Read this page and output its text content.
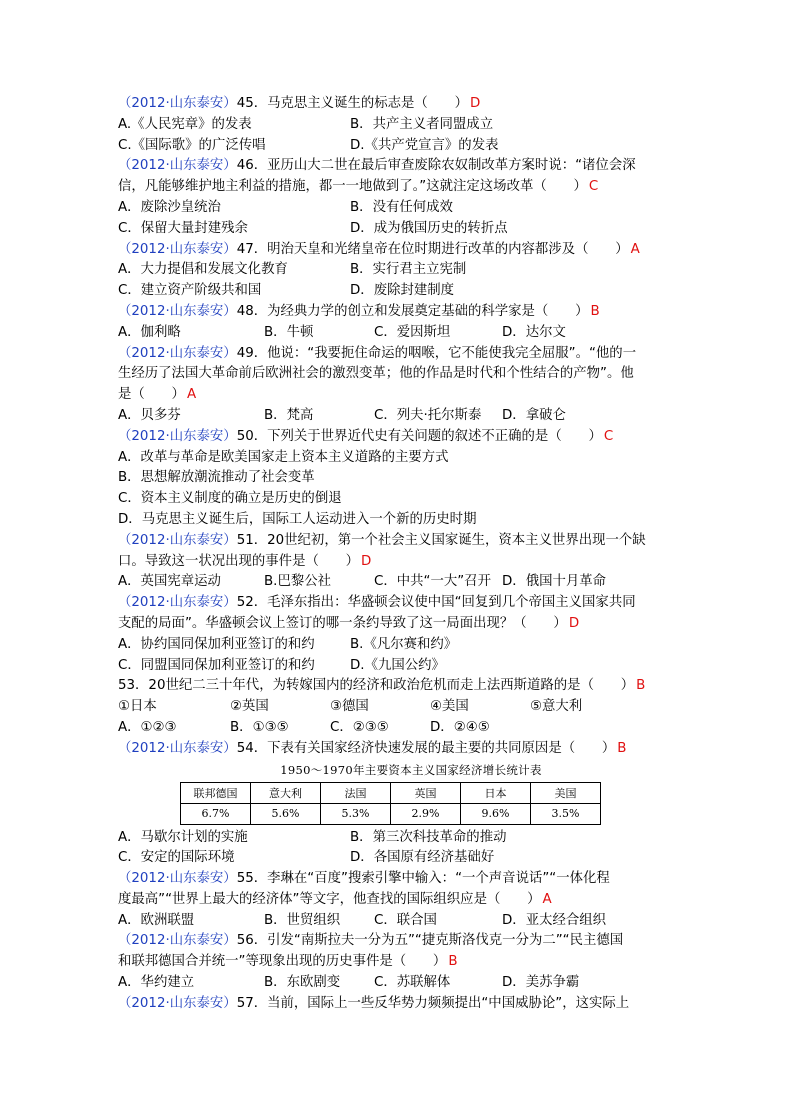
（2012·山东泰安）45．马克思主义诞生的标志是（　　） D
A.《人民宪章》的发表	B．共产主义者同盟成立
C.《国际歌》的广泛传唱	D.《共产党宣言》的发表
（2012·山东泰安）46．亚历山大二世在最后审查废除农奴制改革方案时说：“诸位会深
信，凡能够维护地主利益的措施，都一一地做到了。”这就注定这场改革（　　） C
A．废除沙皇统治	B．没有任何成效
C．保留大量封建残余	D．成为俄国历史的转折点
（2012·山东泰安）47．明治天皇和光绪皇帝在位时期进行改革的内容都涉及（　　） A
A．大力提倡和发展文化教育	B．实行君主立宪制
C．建立资产阶级共和国	D．废除封建制度
（2012·山东泰安）48．为经典力学的创立和发展奠定基础的科学家是（　　） B
A．伽利略	B．牛顿	C．爱因斯坦	D．达尔文
（2012·山东泰安）49．他说：“我要扼住命运的咽喉，它不能使我完全屈服”。“他的一
生经历了法国大革命前后欧洲社会的激烈变革；他的作品是时代和个性结合的产物”。他
是（　　） A
A．贝多芬	B．梵高	C．列夫·托尔斯泰	D．拿破仑
（2012·山东泰安）50．下列关于世界近代史有关问题的叙述不正确的是（　　） C
A．改革与革命是欧美国家走上资本主义道路的主要方式
B．思想解放潮流推动了社会变革
C．资本主义制度的确立是历史的倒退
D．马克思主义诞生后，国际工人运动进入一个新的历史时期
（2012·山东泰安）51．20世纪初，第一个社会主义国家诞生，资本主义世界出现一个缺
口。导致这一状况出现的事件是（　　） D
A．英国宪章运动	B.巴黎公社	C．中共“一大”召开 D．俄国十月革命
（2012·山东泰安）52．毛泽东指出：华盛顿会议使中国“回复到几个帝国主义国家共同
支配的局面”。华盛顿会议上签订的哪一条约导致了这一局面出现？（　　） D
A．协约国同保加利亚签订的和约	B.《凡尔赛和约》
C．同盟国同保加利亚签订的和约	D.《九国公约》
53．20世纪二三十年代，为转嫁国内的经济和政治危机而走上法西斯道路的是（　　） B
①日本	②英国	③德国	④美国	⑤意大利
A．①②③	B．①③⑤	C．②③⑤	D．②④⑤
（2012·山东泰安）54．下表有关国家经济快速发展的最主要的共同原因是（　　） B
1950～1970年主要资本主义国家经济增长统计表
联邦德国	意大利	法国	英国	日本	美国
6.7%	5.6%	5.3%	2.9%	9.6%	3.5%
A．马歇尔计划的实施	B．第三次科技革命的推动
C．安定的国际环境	D．各国原有经济基础好
（2012·山东泰安）55．李琳在“百度”搜索引擎中输入：“一个声音说话”“一体化程
度最高”“世界上最大的经济体”等文字，他查找的国际组织应是（　　） A
A．欧洲联盟	B．世贸组织	C．联合国	D．亚太经合组织
（2012·山东泰安）56．引发“南斯拉夫一分为五”“捷克斯洛伐克一分为二”“民主德国
和联邦德国合并统一”等现象出现的历史事件是（　　） B
A．华约建立	B．东欧剧变	C．苏联解体	D．美苏争霸
（2012·山东泰安）57．当前，国际上一些反华势力频频提出“中国威胁论”，这实际上
